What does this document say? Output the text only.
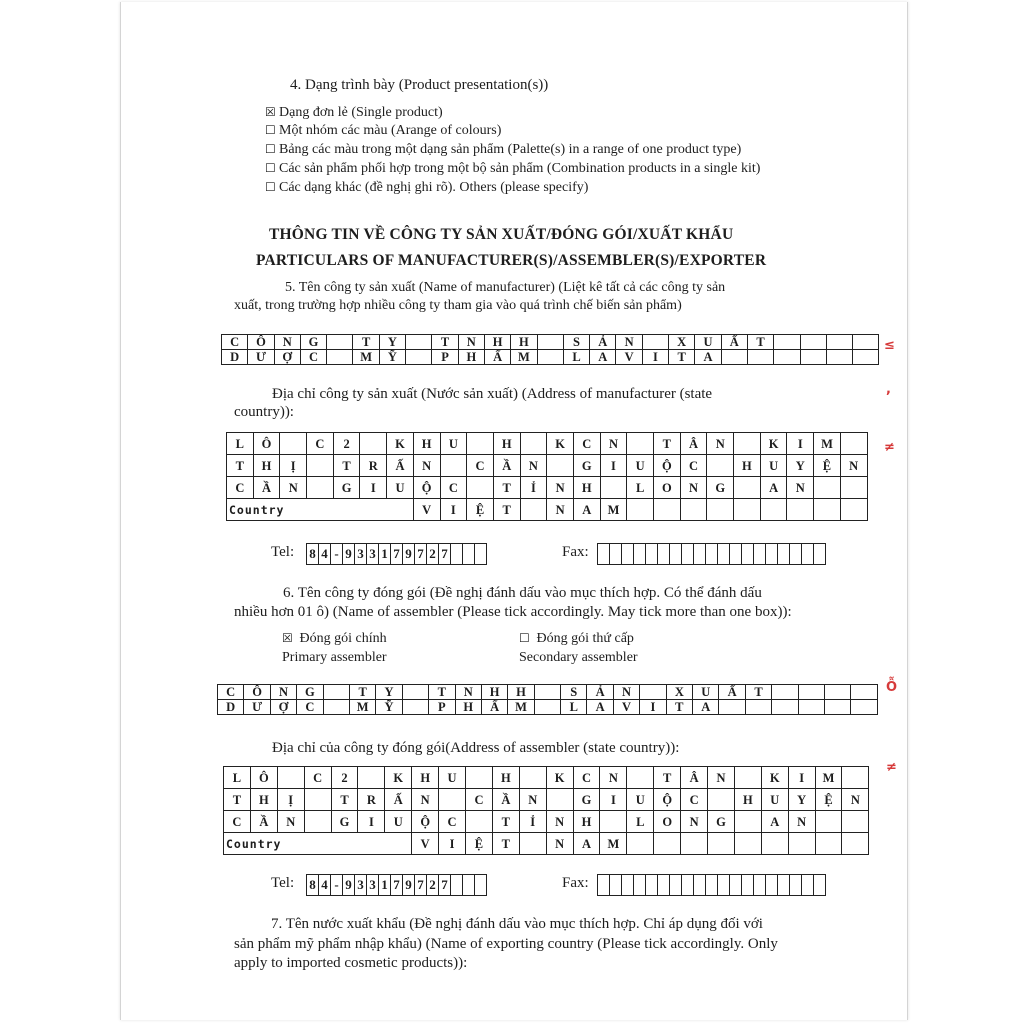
4. Dạng trình bày (Product presentation(s))
☒ Dạng đơn lẻ (Single product)
☐ Một nhóm các màu (Arange of colours)
☐ Bảng các màu trong một dạng sản phẩm (Palette(s) in a range of one product type)
☐ Các sản phẩm phối hợp trong một bộ sản phẩm (Combination products in a single kit)
☐ Các dạng khác (đề nghị ghi rõ). Others (please specify)
THÔNG TIN VỀ CÔNG TY SẢN XUẤT/ĐÓNG GÓI/XUẤT KHẨU
PARTICULARS OF MANUFACTURER(S)/ASSEMBLER(S)/EXPORTER
5. Tên công ty sản xuất (Name of manufacturer) (Liệt kê tất cả các công ty sản
xuất, trong trường hợp nhiều công ty tham gia vào quá trình chế biến sản phẩm)
C	Ô	N	G		T	Y		T	N	H	H		S	Ả	N		X	U	Ấ	T				
D	Ư	Ợ	C		M	Ỹ		P	H	Ẩ	M		L	A	V	I	T	A						
Địa chỉ công ty sản xuất (Nước sản xuất) (Address of manufacturer (state
country)):
L	Ô		C	2		K	H	U		H		K	C	N		T	Â	N		K	I	M	
T	H	Ị		T	R	Ấ	N		C	Ầ	N		G	I	U	Ộ	C		H	U	Y	Ệ	N
C	Ầ	N		G	I	U	Ộ	C		T	Ỉ	N	H		L	O	N	G		A	N		
Country							V	I	Ệ	T		N	A	M									
Tel: 8	4	-	9	3	3	1	7	9	7	2	7				Fax:

6. Tên công ty đóng gói (Đề nghị đánh dấu vào mục thích hợp. Có thể đánh dấu
nhiều hơn 01 ô) (Name of assembler (Please tick accordingly. May tick more than one box)):
☒ Đóng gói chính
Primary assembler
☐ Đóng gói thứ cấp
Secondary assembler
C	Ô	N	G		T	Y		T	N	H	H		S	Ả	N		X	U	Ấ	T				
D	Ư	Ợ	C		M	Ỹ		P	H	Ẩ	M		L	A	V	I	T	A						
Địa chỉ của công ty đóng gói(Address of assembler (state country)):
L	Ô		C	2		K	H	U		H		K	C	N		T	Â	N		K	I	M	
T	H	Ị		T	R	Ấ	N		C	Ầ	N		G	I	U	Ộ	C		H	U	Y	Ệ	N
C	Ầ	N		G	I	U	Ộ	C		T	Ỉ	N	H		L	O	N	G		A	N		
Country							V	I	Ệ	T		N	A	M									
Tel: 8	4	-	9	3	3	1	7	9	7	2	7				Fax:

7. Tên nước xuất khẩu (Đề nghị đánh dấu vào mục thích hợp. Chỉ áp dụng đối với
sản phẩm mỹ phẩm nhập khẩu) (Name of exporting country (Please tick accordingly. Only
apply to imported cosmetic products)):
≤
,
≠
Ỗ
≠
